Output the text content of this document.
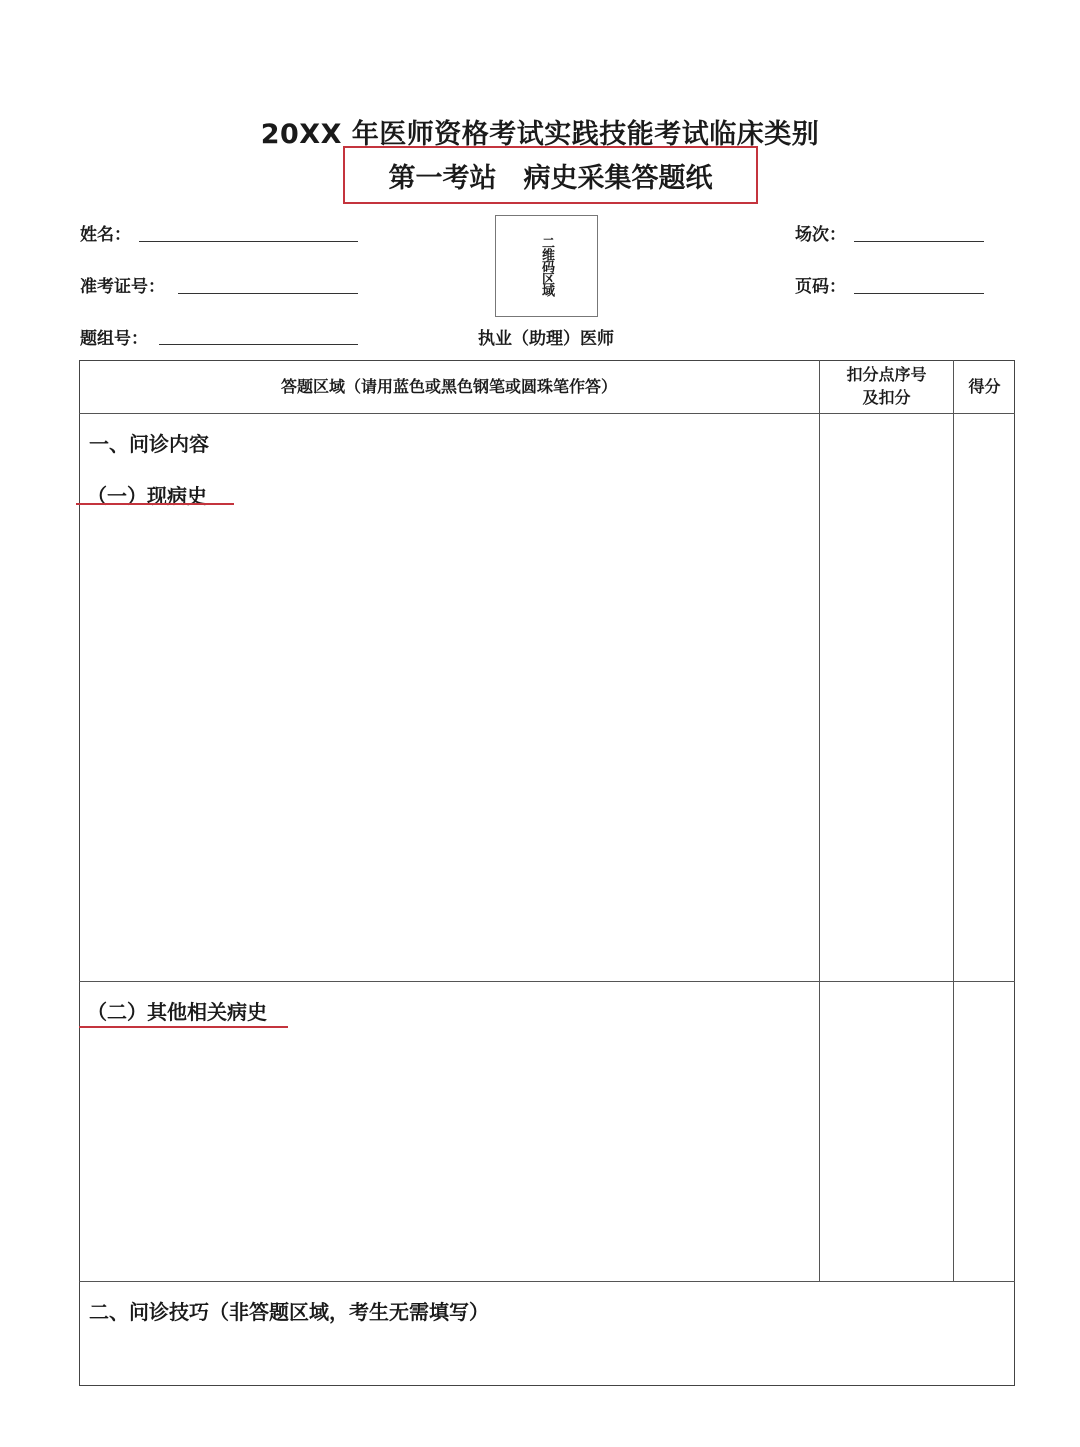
20XX 年医师资格考试实践技能考试临床类别
第一考站　病史采集答题纸
姓名：
准考证号：
题组号：
场次：
页码：
二维码区域
执业（助理）医师
答题区域（请用蓝色或黑色钢笔或圆珠笔作答）
扣分点序号
及扣分
得分
一、问诊内容
（一）现病史
（二）其他相关病史
二、问诊技巧（非答题区域，考生无需填写）
